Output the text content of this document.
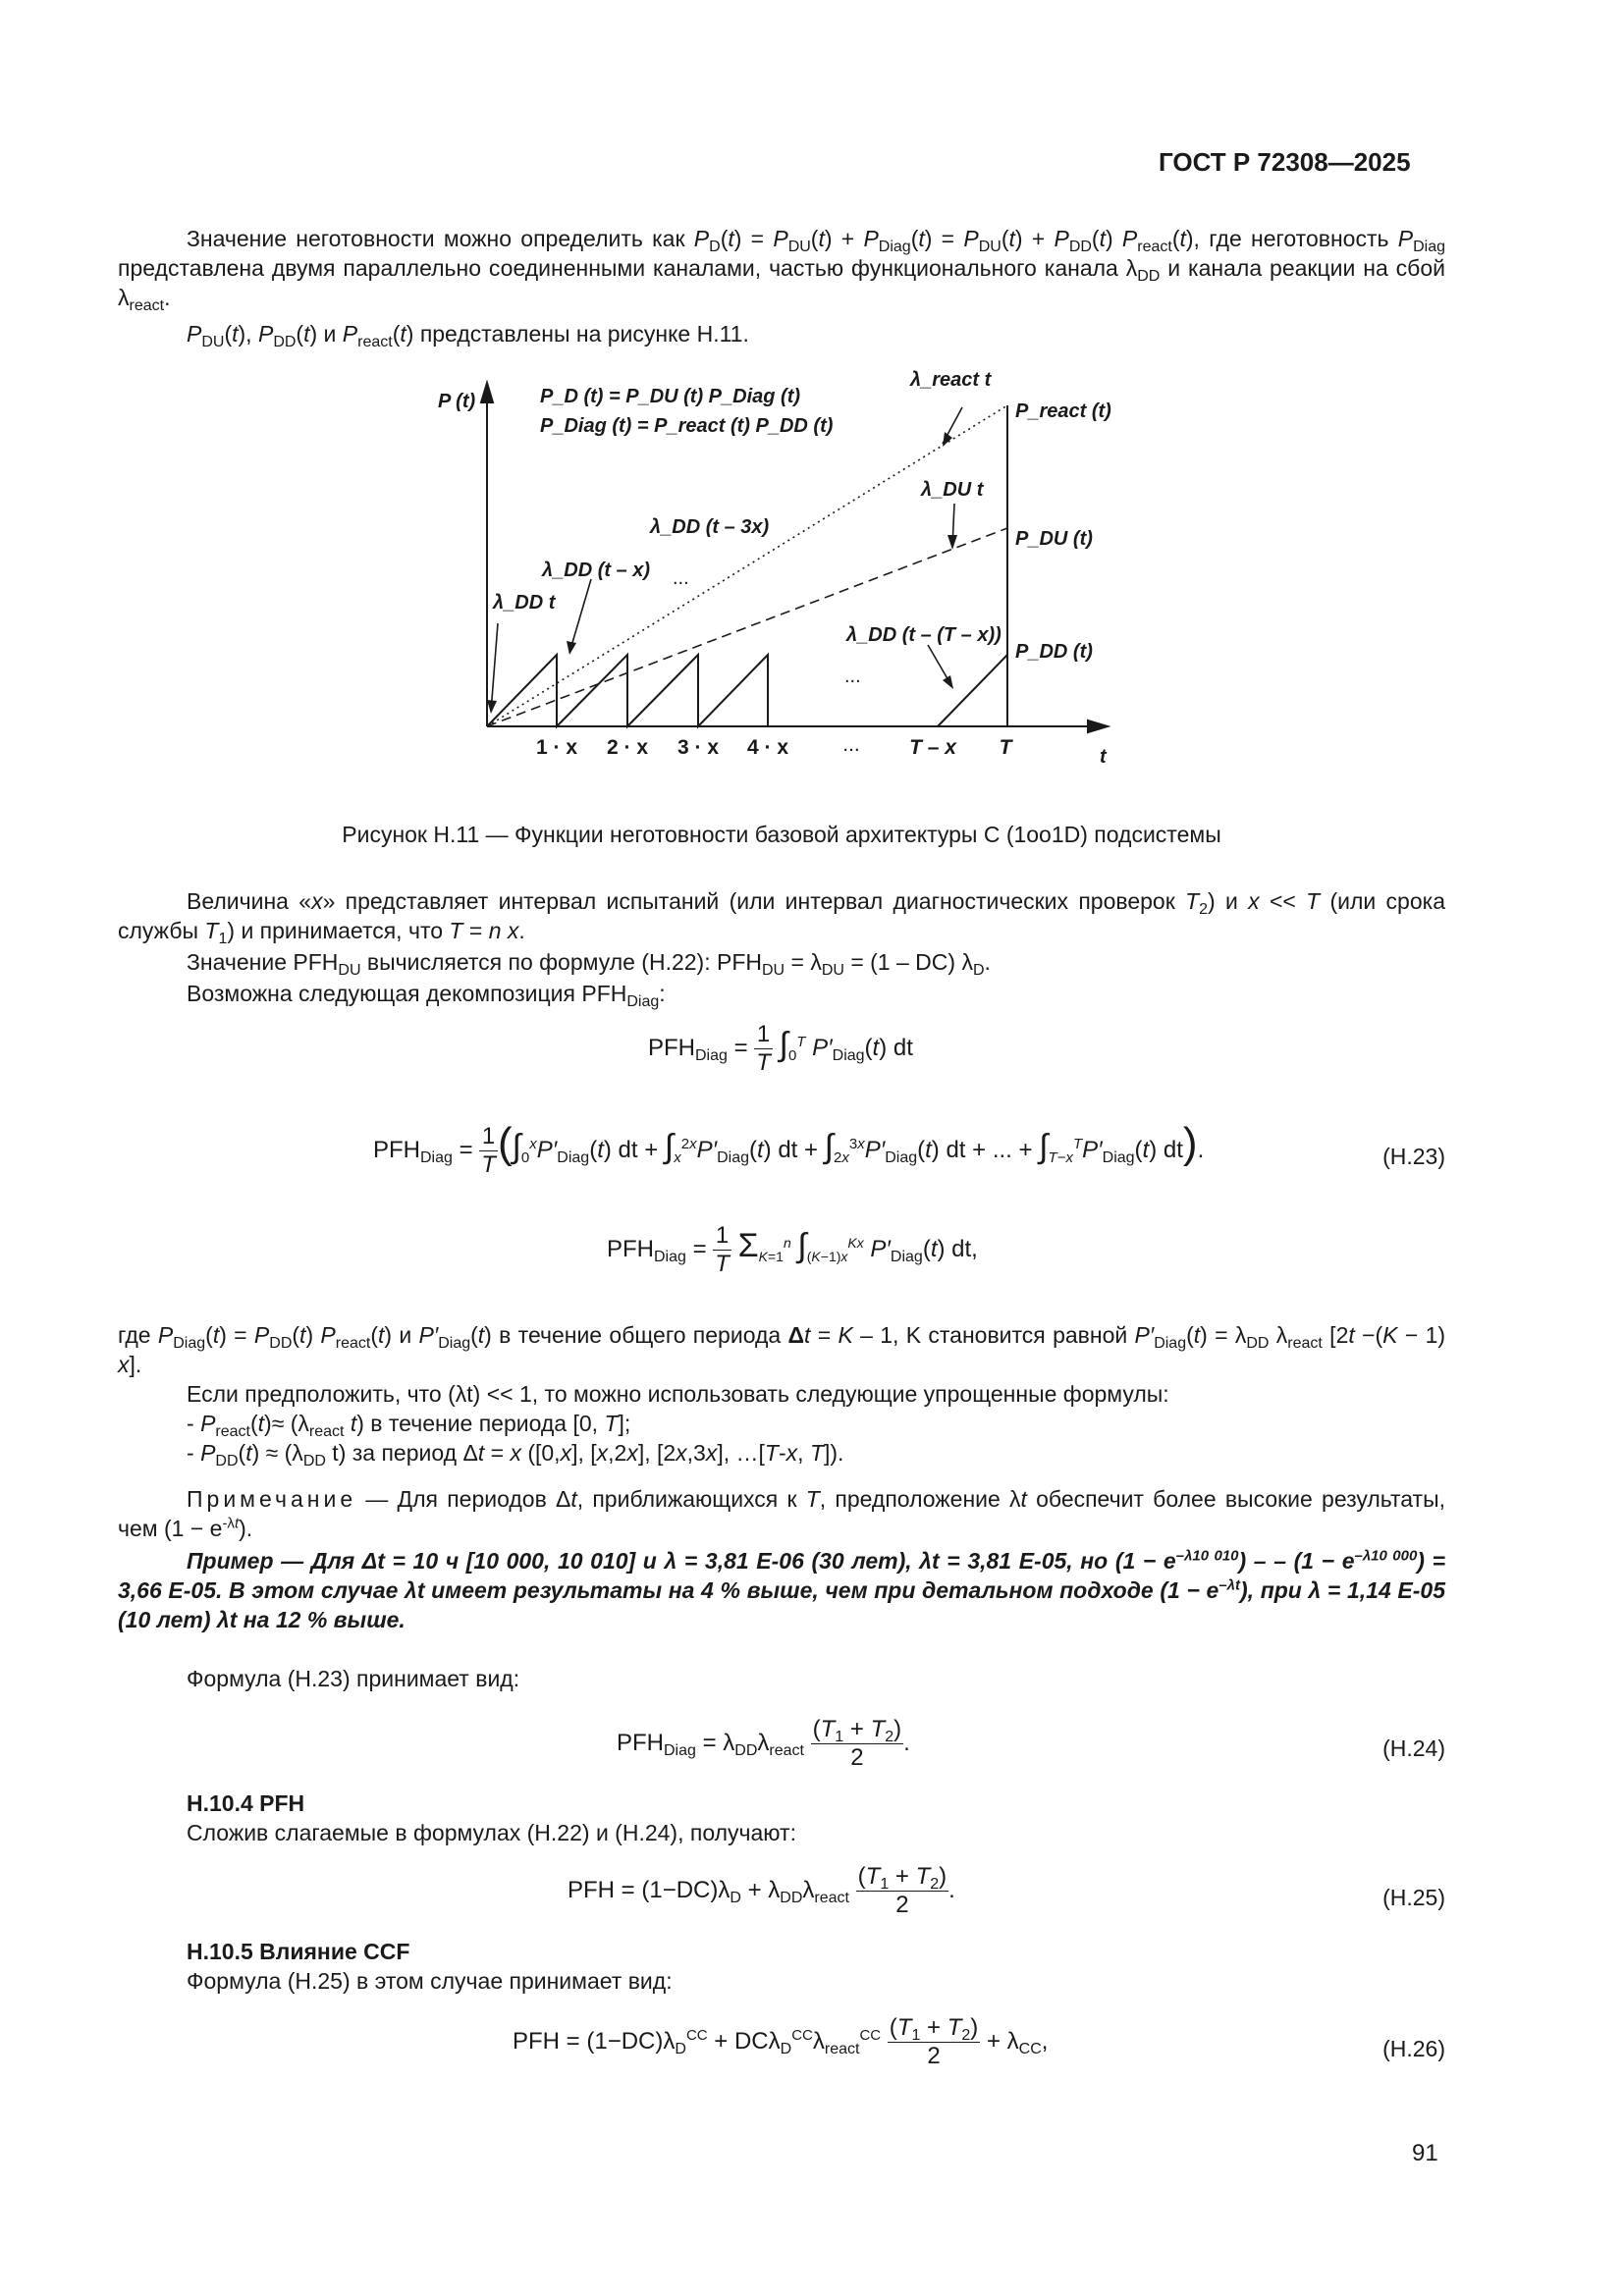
ГОСТ Р 72308—2025
Значение неготовности можно определить как $P_D(t) = P_{DU}(t) + P_{Diag}(t) = P_{DU}(t) + P_{DD}(t)$ $P_{react}(t)$, где неготовность $P_{Diag}$ представлена двумя параллельно соединенными каналами, частью функционального канала $\lambda_{DD}$ и канала реакции на сбой $\lambda_{react}$.
$P_{DU}(t)$, $P_{DD}(t)$ и $P_{react}(t)$ представлены на рисунке Н.11.
P (t)
t
P_D (t) = P_DU (t) P_Diag (t)
P_Diag (t) = P_react (t) P_DD (t)
λ_react t
P_react (t)
λ_DU t
P_DU (t)
P_DD (t)
λ_DD t
λ_DD (t – x)
λ_DD (t – 3x)
λ_DD (t – (T – x))
...
...
1 · x 2 · x 3 · x 4 · x	... T – x T
Рисунок Н.11 — Функции неготовности базовой архитектуры C (1oo1D) подсистемы
Величина «x» представляет интервал испытаний (или интервал диагностических проверок $T_2$) и x << T (или срока службы $T_1$) и принимается, что T = n x.
Значение $PFH_{DU}$ вычисляется по формуле (Н.22): $PFH_{DU} = \lambda_{DU} = (1 - DC)$ $\lambda_D$.
Возможна следующая декомпозиция $PFH_{Diag}$:
$PFH_{Diag} = \frac{1}{T} \int_0^T$ $P'_{Diag}(t)$ dt
$PFH_{Diag} = \frac{1}{T} (\int_0^xP'_{Diag}(t)$ dt + $\int_x^{2x}P'_{Diag}(t)$ dt + $\int_{2x}^{3x}P'_{Diag}(t)$ dt + ... + $\int_{T-x}^TP'_{Diag}(t)$ dt).	(Н.23)
$PFH_{Diag} = \frac{1}{T} \Sigma_{K=1}^n$ $\int_{(K-1)x}^{Kx}$ $P'_{Diag}(t)$ dt,
где $P_{Diag}(t) = P_{DD}(t)$ $P_{react}(t)$ и $P'_{Diag}(t)$ в течение общего периода Δt = K – 1, K становится равной $P'_{Diag}(t) = \lambda_{DD}$ $\lambda_{react}$ [2t −(K − 1) x].
Если предположить, что (λt) << 1, то можно использовать следующие упрощенные формулы:
- $P_{react}(t)\approx (\lambda_{react}$ t) в течение периода [0, T];
- $P_{DD}(t) \approx (\lambda_{DD}$ t) за период Δt = x ([0,x], [x,2x], [2x,3x], …[T-x, T]).
Примечание — Для периодов Δt, приближающихся к T, предположение λt обеспечит более высокие результаты, чем $(1 - e^{-\lambda t})$.
Пример — Для Δt = 10 ч [10 000, 10 010] и λ = 3,81 E-06 (30 лет), λt = 3,81 E-05, но $(1 - e^{-\lambda 10 010})$ – – $(1 - e^{-\lambda 10 000}) = 3,66$ E-05. В этом случае λt имеет результаты на 4 % выше, чем при детальном подходе $(1 - e^{-\lambda t})$, при λ = 1,14 E-05 (10 лет) λt на 12 % выше.
Формула (Н.23) принимает вид:
$PFH_{Diag} = \lambda_{DD}\lambda_{react} \frac{(T_1 + T_2)}{2}$ .	(Н.24)
Н.10.4 PFH
Сложив слагаемые в формулах (Н.22) и (Н.24), получают:
PFH = $(1-DC)\lambda_D + \lambda_{DD}\lambda_{react} \frac{(T_1 + T_2)}{2}$ .	(Н.25)
Н.10.5 Влияние CCF
Формула (Н.25) в этом случае принимает вид:
PFH = $(1-DC)\lambda_D^{CC} + DC\lambda_D^{CC}\lambda_{react}^{CC} \frac{(T_1 + T_2)}{2} + \lambda_{CC}$,	(Н.26)
91
